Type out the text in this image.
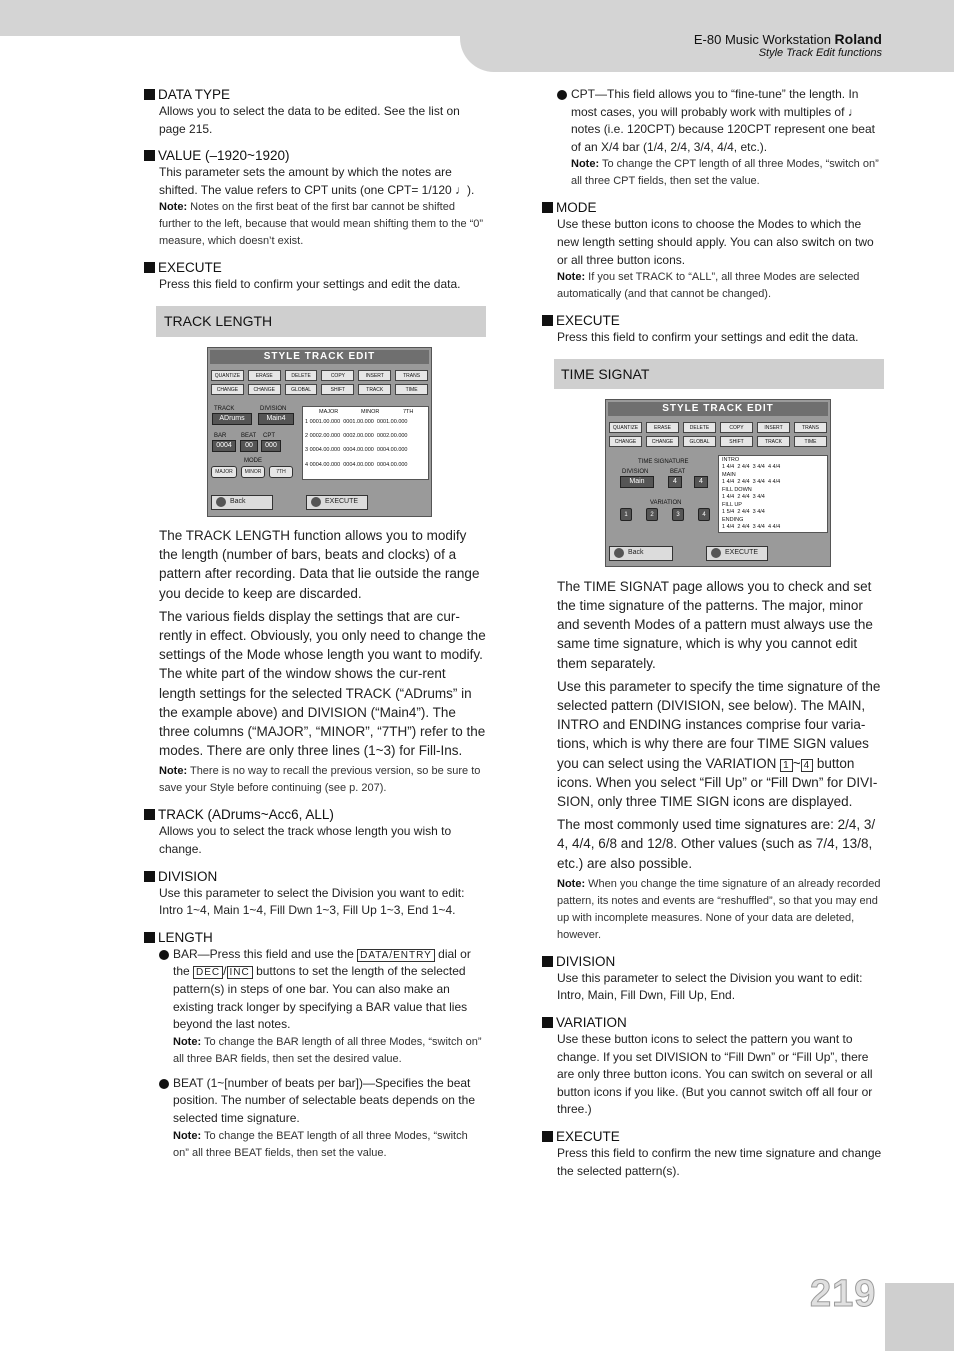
E-80 Music Workstation Roland
Style Track Edit functions
DATA TYPE
Allows you to select the data to be edited. See the list on page 215.
VALUE (–1920~1920)
This parameter sets the amount by which the notes are shifted. The value refers to CPT units (one CPT= 1/120 ♩).
Note: Notes on the first beat of the first bar cannot be shifted further to the left, because that would mean shifting them to the “0” measure, which doesn’t exist.
EXECUTE
Press this field to confirm your settings and edit the data.
TRACK LENGTH
STYLE TRACK EDIT
QUANTIZE	ERASE	DELETE	COPY	INSERT	TRANS
CHANGE	CHANGE	GLOBAL	SHIFT	TRACK	TIME
TRACK
ADrums
DIVISION
Main4
BAR
0004
BEAT
00
CPT
000
MODE
MAJOR	MINOR	7TH
MAJOR	MINOR	7TH
1 0001.00.000 0001.00.000 0001.00.000
2 0002.00.000 0002.00.000 0002.00.000
3 0004.00.000 0004.00.000 0004.00.000
4 0004.00.000 0004.00.000 0004.00.000
Back	EXECUTE
The TRACK LENGTH function allows you to modify the length (number of bars, beats and clocks) of a pattern after recording. Data that lie outside the range you decide to keep are discarded.
The various fields display the settings that are cur-rently in effect. Obviously, you only need to change the settings of the Mode whose length you want to modify. The white part of the window shows the cur-rent length settings for the selected TRACK (“ADrums” in the example above) and DIVISION (“Main4”). The three columns (“MAJOR”, “MINOR”, “7TH”) refer to the modes. There are only three lines (1~3) for Fill-Ins.
Note: There is no way to recall the previous version, so be sure to save your Style before continuing (see p. 207).
TRACK (ADrums~Acc6, ALL)
Allows you to select the track whose length you wish to change.
DIVISION
Use this parameter to select the Division you want to edit: Intro 1~4, Main 1~4, Fill Dwn 1~3, Fill Up 1~3, End 1~4.
LENGTH
BAR—Press this field and use the DATA/ENTRY dial or the DEC / INC buttons to set the length of the selected pattern(s) in steps of one bar. You can also make an existing track longer by specifying a BAR value that lies beyond the last notes.
Note: To change the BAR length of all three Modes, “switch on” all three BAR fields, then set the desired value.
BEAT (1~[number of beats per bar])—Specifies the beat position. The number of selectable beats depends on the selected time signature.
Note: To change the BEAT length of all three Modes, “switch on” all three BEAT fields, then set the value.
CPT—This field allows you to “fine-tune” the length. In most cases, you will probably work with multiples of ♩ notes (i.e. 120CPT) because 120CPT represent one beat of an X/4 bar (1/4, 2/4, 3/4, 4/4, etc.).
Note: To change the CPT length of all three Modes, “switch on” all three CPT fields, then set the value.
MODE
Use these button icons to choose the Modes to which the new length setting should apply. You can also switch on two or all three button icons.
Note: If you set TRACK to “ALL”, all three Modes are selected automatically (and that cannot be changed).
EXECUTE
Press this field to confirm your settings and edit the data.
TIME SIGNAT
STYLE TRACK EDIT
QUANTIZE	ERASE	DELETE	COPY	INSERT	TRANS
CHANGE	CHANGE	GLOBAL	SHIFT	TRACK	TIME
TIME SIGNATURE
DIVISION
Main
BEAT
4	4
VARIATION
1	2	3	4
INTRO
1 4/4 2 4/4 3 4/4 4 4/4
MAIN
1 4/4 2 4/4 3 4/4 4 4/4
FILL DOWN
1 4/4 2 4/4 3 4/4
FILL UP
1 5/4 2 4/4 3 4/4
ENDING
1 4/4 2 4/4 3 4/4 4 4/4
Back	EXECUTE
The TIME SIGNAT page allows you to check and set the time signature of the patterns. The major, minor and seventh Modes of a pattern must always use the same time signature, which is why you cannot edit them separately.
Use this parameter to specify the time signature of the selected pattern (DIVISION, see below). The MAIN, INTRO and ENDING instances comprise four varia-tions, which is why there are four TIME SIGN values you can select using the VARIATION 1 ~ 4 button icons. When you select “Fill Up” or “Fill Dwn” for DIVI-SION, only three TIME SIGN icons are displayed.
The most commonly used time signatures are: 2/4, 3/ 4, 4/4, 6/8 and 12/8. Other values (such as 7/4, 13/8, etc.) are also possible.
Note: When you change the time signature of an already recorded pattern, its notes and events are “reshuffled”, so that you may end up with incomplete measures. None of your data are deleted, however.
DIVISION
Use this parameter to select the Division you want to edit: Intro, Main, Fill Dwn, Fill Up, End.
VARIATION
Use these button icons to select the pattern you want to change. If you set DIVISION to “Fill Dwn” or “Fill Up”, there are only three button icons. You can switch on several or all button icons if you like. (But you cannot switch off all four or three.)
EXECUTE
Press this field to confirm the new time signature and change the selected pattern(s).
219
